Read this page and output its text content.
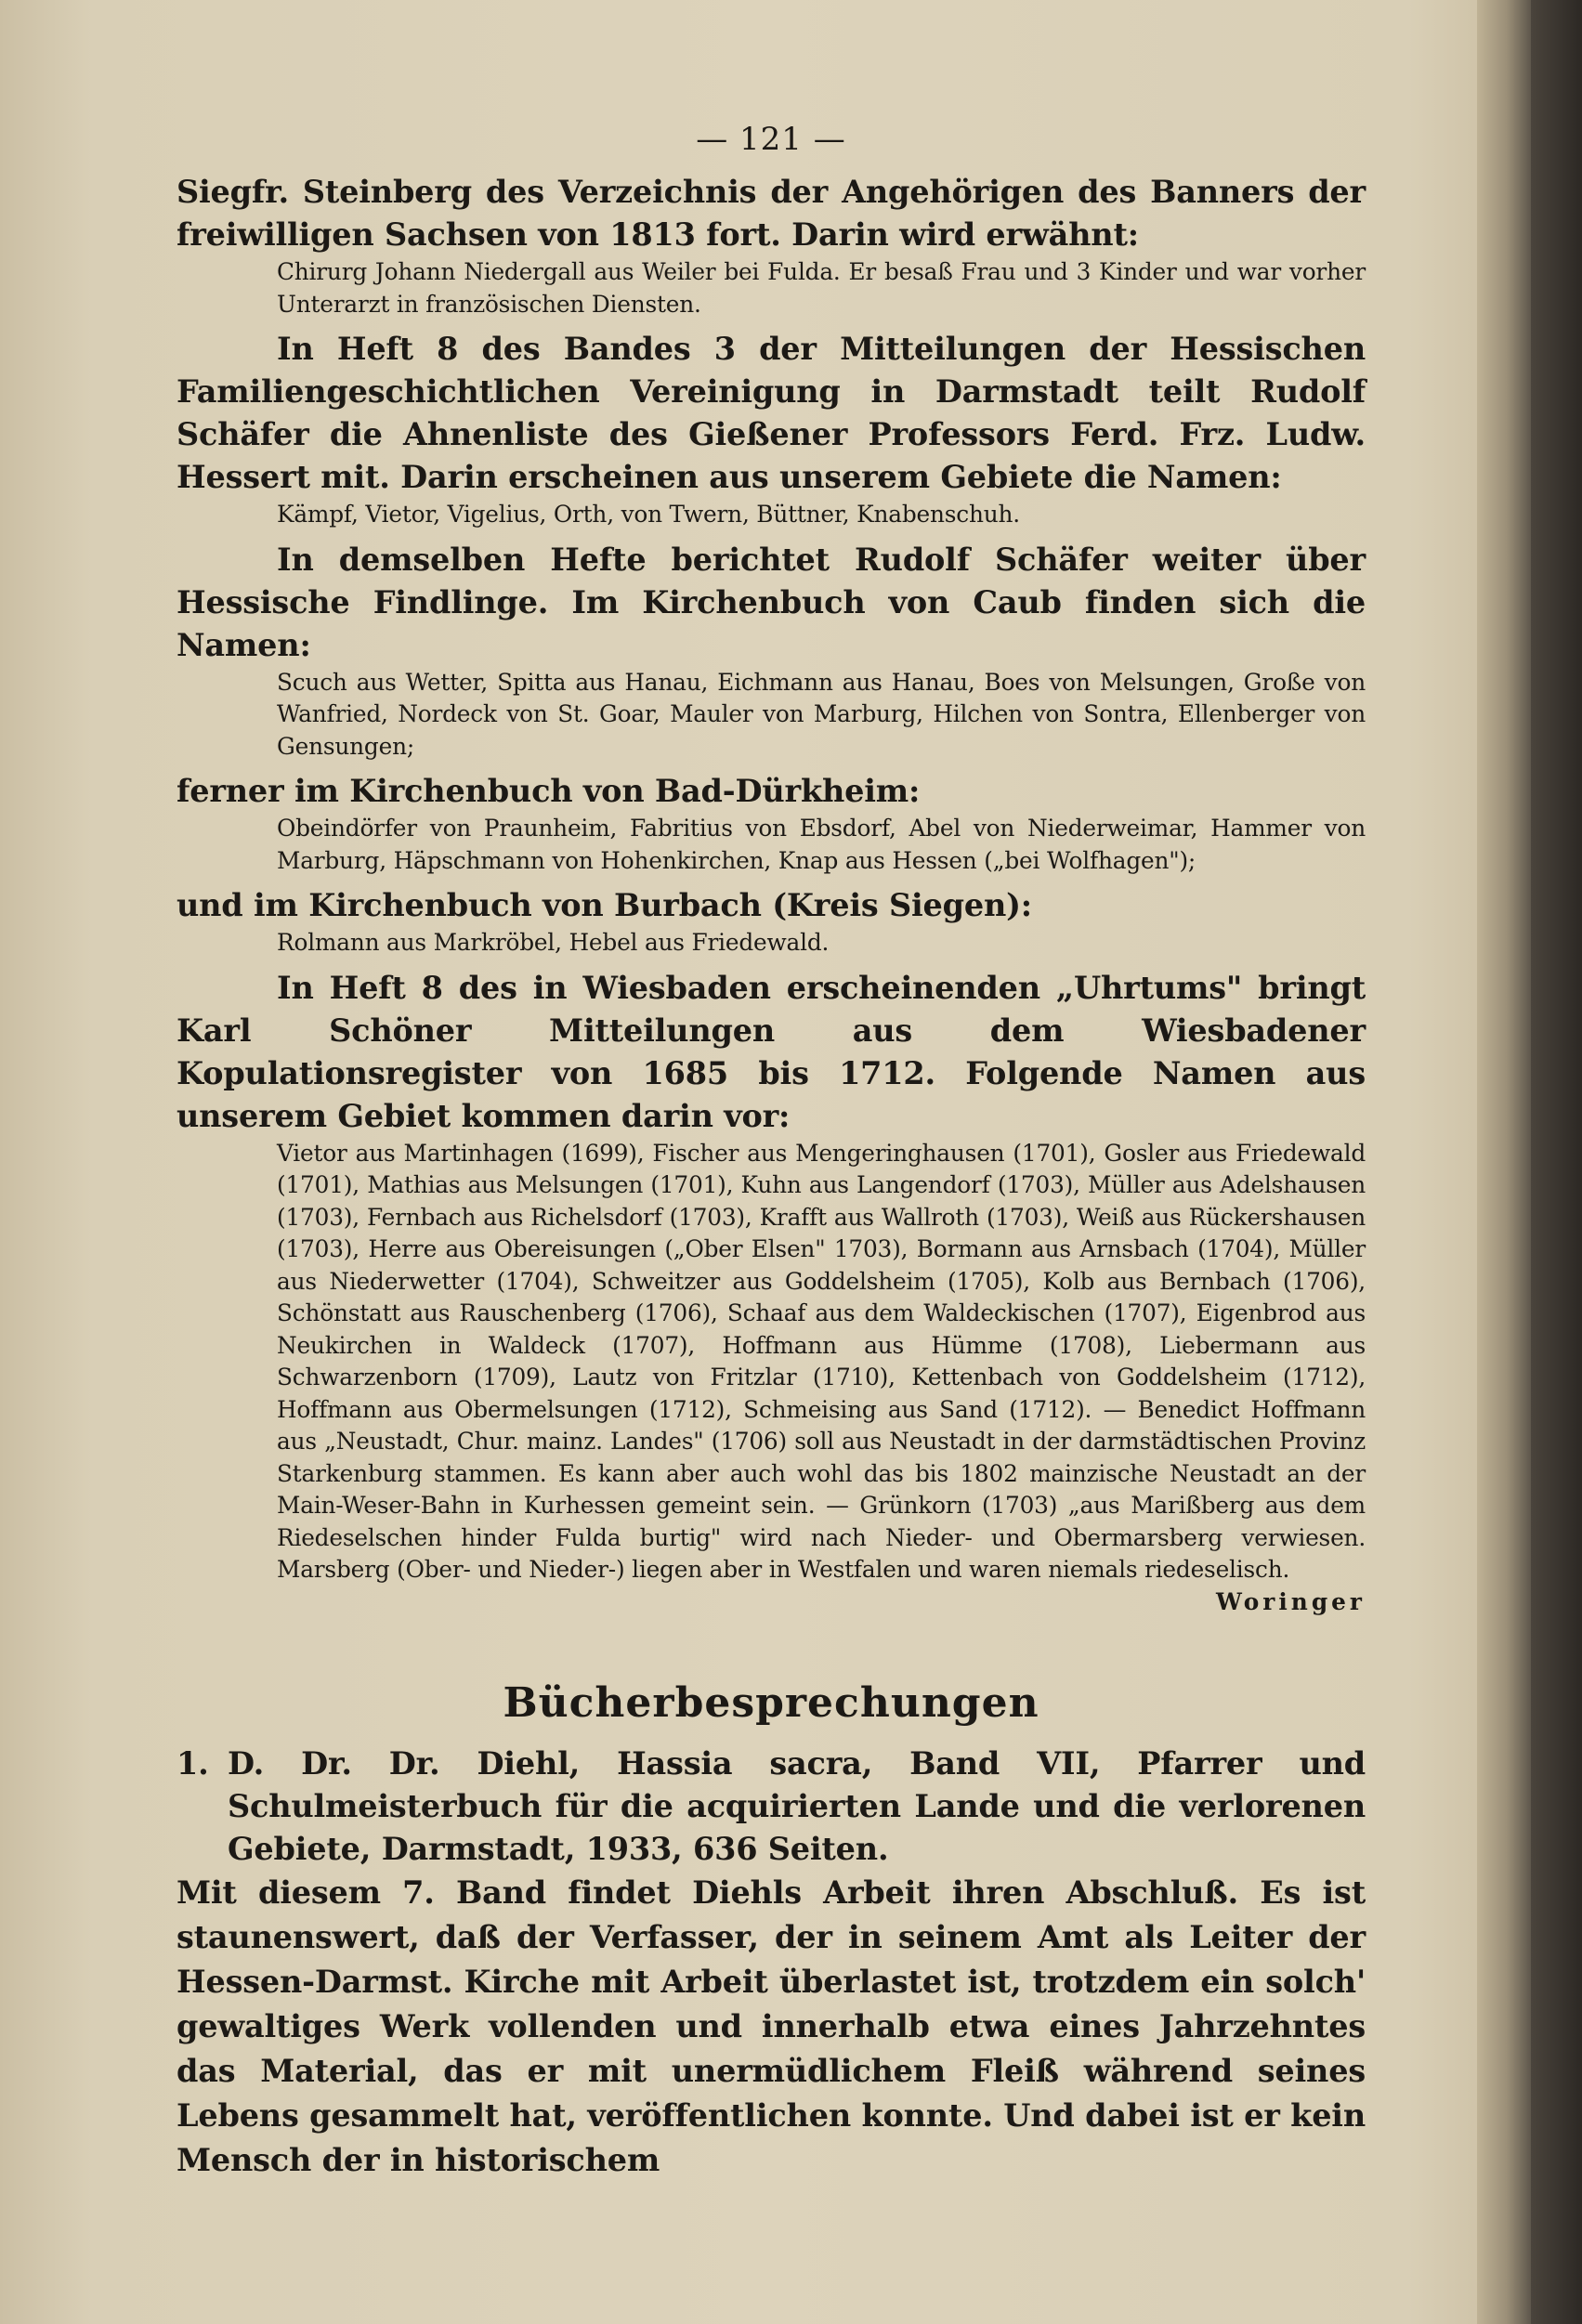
— 121 —

Siegfr. Steinberg des Verzeichnis der Angehörigen des Banners der freiwilligen Sachsen von 1813 fort. Darin wird erwähnt:

Chirurg Johann Niedergall aus Weiler bei Fulda. Er besaß Frau und 3 Kinder und war vorher Unterarzt in französischen Diensten.

In Heft 8 des Bandes 3 der Mitteilungen der Hessischen Familiengeschichtlichen Vereinigung in Darmstadt teilt Rudolf Schäfer die Ahnenliste des Gießener Professors Ferd. Frz. Ludw. Hessert mit. Darin erscheinen aus unserem Gebiete die Namen:

Kämpf, Vietor, Vigelius, Orth, von Twern, Büttner, Knabenschuh.

In demselben Hefte berichtet Rudolf Schäfer weiter über Hessische Findlinge. Im Kirchenbuch von Caub finden sich die Namen:

Scuch aus Wetter, Spitta aus Hanau, Eichmann aus Hanau, Boes von Melsungen, Große von Wanfried, Nordeck von St. Goar, Mauler von Marburg, Hilchen von Sontra, Ellenberger von Gensungen;

ferner im Kirchenbuch von Bad-Dürkheim:

Obeindörfer von Praunheim, Fabritius von Ebsdorf, Abel von Niederweimar, Hammer von Marburg, Häpschmann von Hohenkirchen, Knap aus Hessen („bei Wolfhagen");

und im Kirchenbuch von Burbach (Kreis Siegen):

Rolmann aus Markröbel, Hebel aus Friedewald.

In Heft 8 des in Wiesbaden erscheinenden „Uhrtums" bringt Karl Schöner Mitteilungen aus dem Wiesbadener Kopulationsregister von 1685 bis 1712. Folgende Namen aus unserem Gebiet kommen darin vor:

Vietor aus Martinhagen (1699), Fischer aus Mengeringhausen (1701), Gosler aus Friedewald (1701), Mathias aus Melsungen (1701), Kuhn aus Langendorf (1703), Müller aus Adelshausen (1703), Fernbach aus Richelsdorf (1703), Krafft aus Wallroth (1703), Weiß aus Rückershausen (1703), Herre aus Obereisungen („Ober Elsen" 1703), Bormann aus Arnsbach (1704), Müller aus Niederwetter (1704), Schweitzer aus Goddelsheim (1705), Kolb aus Bernbach (1706), Schönstatt aus Rauschenberg (1706), Schaaf aus dem Waldeckischen (1707), Eigenbrod aus Neukirchen in Waldeck (1707), Hoffmann aus Hümme (1708), Liebermann aus Schwarzenborn (1709), Lautz von Fritzlar (1710), Kettenbach von Goddelsheim (1712), Hoffmann aus Obermelsungen (1712), Schmeising aus Sand (1712). — Benedict Hoffmann aus „Neustadt, Chur. mainz. Landes" (1706) soll aus Neustadt in der darmstädtischen Provinz Starkenburg stammen. Es kann aber auch wohl das bis 1802 mainzische Neustadt an der Main-Weser-Bahn in Kurhessen gemeint sein. — Grünkorn (1703) „aus Marißberg aus dem Riedeselschen hinder Fulda burtig" wird nach Nieder- und Obermarsberg verwiesen. Marsberg (Ober- und Nieder-) liegen aber in Westfalen und waren niemals riedeselisch.
Woringer

Bücherbesprechungen
1. D. Dr. Dr. Diehl, Hassia sacra, Band VII, Pfarrer und Schulmeisterbuch für die acquirierten Lande und die verlorenen Gebiete, Darmstadt, 1933, 636 Seiten.

Mit diesem 7. Band findet Diehls Arbeit ihren Abschluß. Es ist staunenswert, daß der Verfasser, der in seinem Amt als Leiter der Hessen-Darmst. Kirche mit Arbeit überlastet ist, trotzdem ein solch' gewaltiges Werk vollenden und innerhalb etwa eines Jahrzehntes das Material, das er mit unermüdlichem Fleiß während seines Lebens gesammelt hat, veröffentlichen konnte. Und dabei ist er kein Mensch der in historischem
